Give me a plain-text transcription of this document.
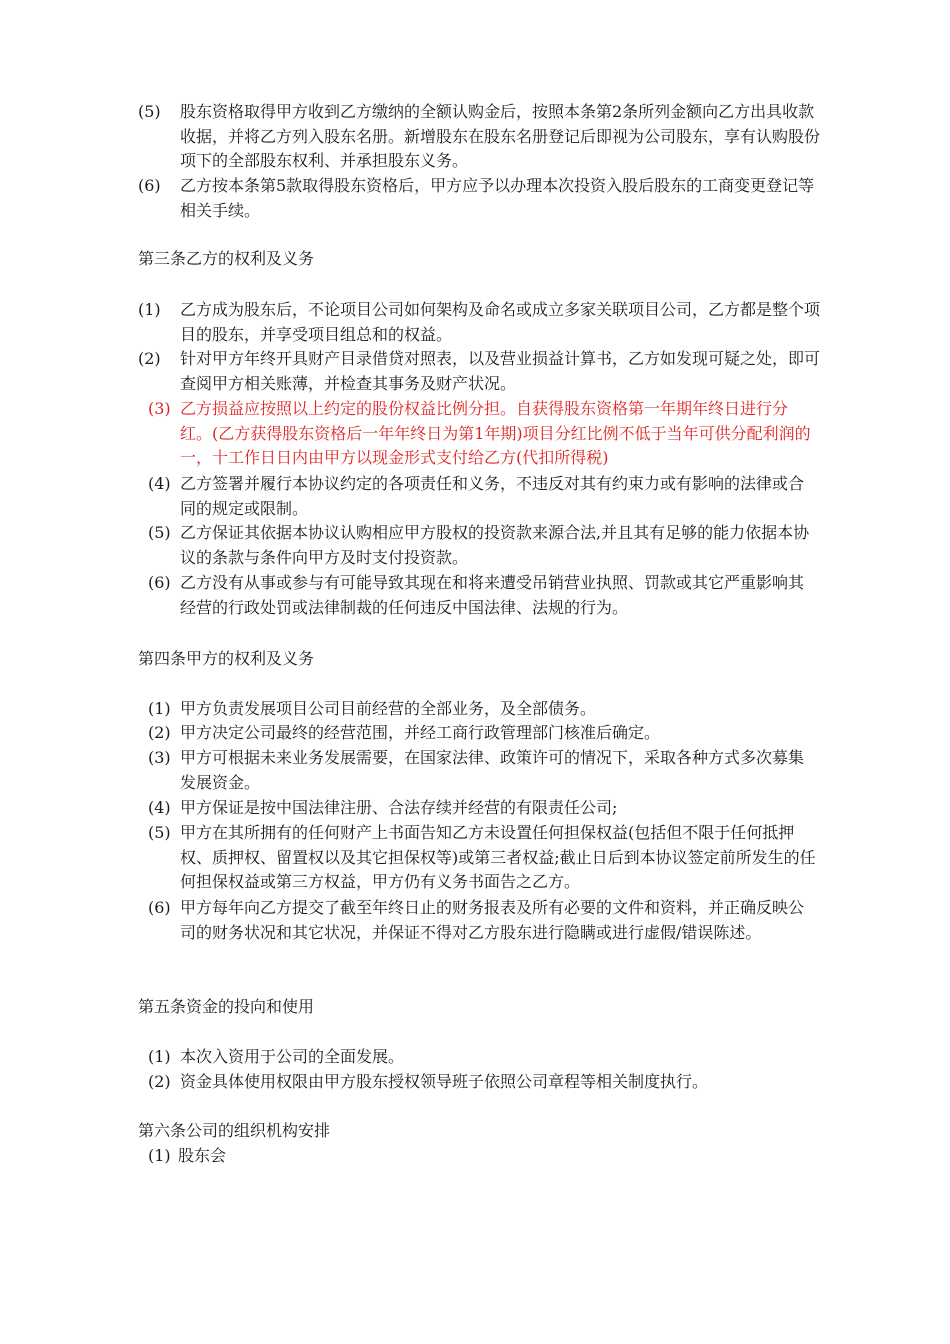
(5) 股东资格取得甲方收到乙方缴纳的全额认购金后，按照本条第2条所列金额向乙方出具收款收据，并将乙方列入股东名册。新增股东在股东名册登记后即视为公司股东，享有认购股份项下的全部股东权利、并承担股东义务。
(6) 乙方按本条第5款取得股东资格后，甲方应予以办理本次投资入股后股东的工商变更登记等相关手续。
第三条乙方的权利及义务
(1) 乙方成为股东后，不论项目公司如何架构及命名或成立多家关联项目公司，乙方都是整个项目的股东，并享受项目组总和的权益。
(2) 针对甲方年终开具财产目录借贷对照表，以及营业损益计算书，乙方如发现可疑之处，即可查阅甲方相关账薄，并检查其事务及财产状况。
(3) 乙方损益应按照以上约定的股份权益比例分担。自获得股东资格第一年期年终日进行分红。(乙方获得股东资格后一年年终日为第1年期)项目分红比例不低于当年可供分配利润的一，十工作日日内由甲方以现金形式支付给乙方(代扣所得税)
(4) 乙方签署并履行本协议约定的各项责任和义务，不违反对其有约束力或有影响的法律或合同的规定或限制。
(5) 乙方保证其依据本协议认购相应甲方股权的投资款来源合法,并且其有足够的能力依据本协议的条款与条件向甲方及时支付投资款。
(6) 乙方没有从事或参与有可能导致其现在和将来遭受吊销营业执照、罚款或其它严重影响其经营的行政处罚或法律制裁的任何违反中国法律、法规的行为。
第四条甲方的权利及义务
(1) 甲方负责发展项目公司目前经营的全部业务，及全部债务。
(2) 甲方决定公司最终的经营范围，并经工商行政管理部门核准后确定。
(3) 甲方可根据未来业务发展需要，在国家法律、政策许可的情况下，采取各种方式多次募集发展资金。
(4) 甲方保证是按中国法律注册、合法存续并经营的有限责任公司;
(5) 甲方在其所拥有的任何财产上书面告知乙方未设置任何担保权益(包括但不限于任何抵押权、质押权、留置权以及其它担保权等)或第三者权益;截止日后到本协议签定前所发生的任何担保权益或第三方权益，甲方仍有义务书面告之乙方。
(6) 甲方每年向乙方提交了截至年终日止的财务报表及所有必要的文件和资料，并正确反映公司的财务状况和其它状况，并保证不得对乙方股东进行隐瞒或进行虚假/错误陈述。
第五条资金的投向和使用
(1) 本次入资用于公司的全面发展。
(2) 资金具体使用权限由甲方股东授权领导班子依照公司章程等相关制度执行。
第六条公司的组织机构安排
(1) 股东会
